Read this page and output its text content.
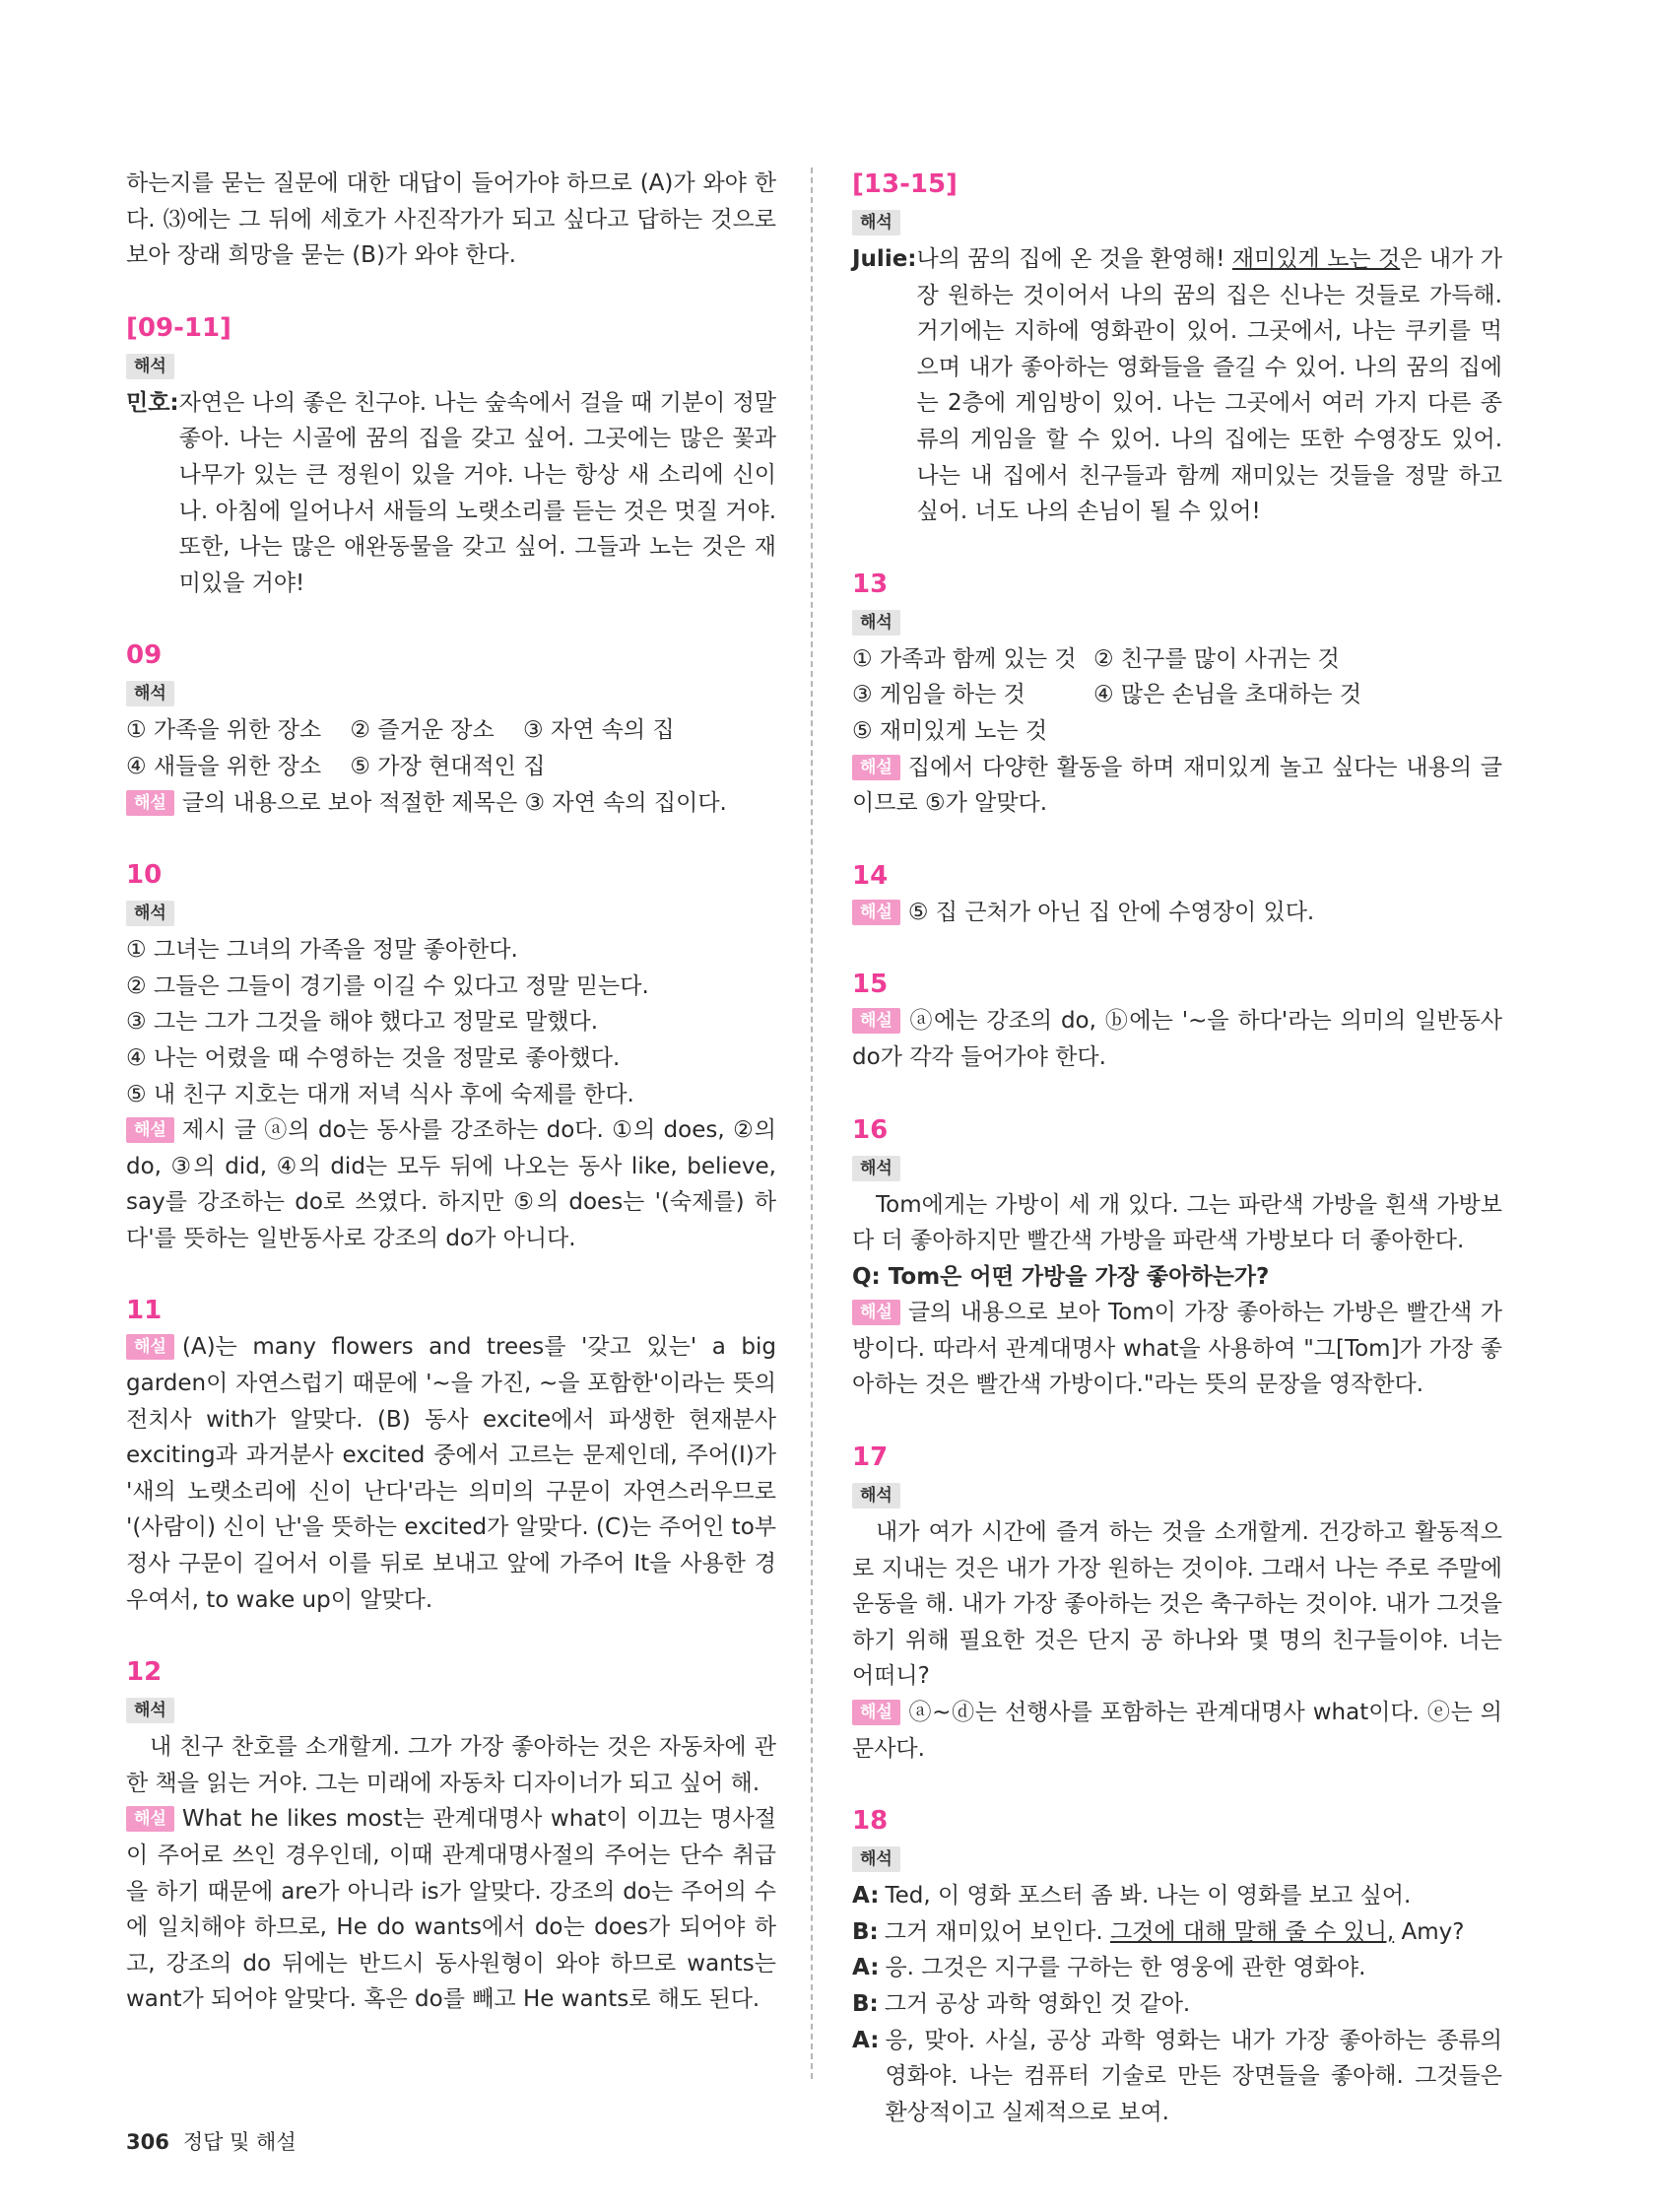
하는지를 묻는 질문에 대한 대답이 들어가야 하므로 (A)가 와야 한다. ⑶에는 그 뒤에 세호가 사진작가가 되고 싶다고 답하는 것으로 보아 장래 희망을 묻는 (B)가 와야 한다.

[09-11]

해석
민호: 자연은 나의 좋은 친구야. 나는 숲속에서 걸을 때 기분이 정말 좋아. 나는 시골에 꿈의 집을 갖고 싶어. 그곳에는 많은 꽃과 나무가 있는 큰 정원이 있을 거야. 나는 항상 새 소리에 신이 나. 아침에 일어나서 새들의 노랫소리를 듣는 것은 멋질 거야. 또한, 나는 많은 애완동물을 갖고 싶어. 그들과 노는 것은 재미있을 거야!

09

해석
① 가족을 위한 장소 ② 즐거운 장소 ③ 자연 속의 집
④ 새들을 위한 장소 ⑤ 가장 현대적인 집

해설 글의 내용으로 보아 적절한 제목은 ③ 자연 속의 집이다.

10

해석

① 그녀는 그녀의 가족을 정말 좋아한다.

② 그들은 그들이 경기를 이길 수 있다고 정말 믿는다.

③ 그는 그가 그것을 해야 했다고 정말로 말했다.

④ 나는 어렸을 때 수영하는 것을 정말로 좋아했다.

⑤ 내 친구 지호는 대개 저녁 식사 후에 숙제를 한다.

해설 제시 글 ⓐ의 do는 동사를 강조하는 do다. ①의 does, ②의 do, ③의 did, ④의 did는 모두 뒤에 나오는 동사 like, believe, say를 강조하는 do로 쓰였다. 하지만 ⑤의 does는 '(숙제를) 하다'를 뜻하는 일반동사로 강조의 do가 아니다.

11

해설 (A)는 many flowers and trees를 '갖고 있는' a big garden이 자연스럽기 때문에 '~을 가진, ~을 포함한'이라는 뜻의 전치사 with가 알맞다. (B) 동사 excite에서 파생한 현재분사 exciting과 과거분사 excited 중에서 고르는 문제인데, 주어(I)가 '새의 노랫소리에 신이 난다'라는 의미의 구문이 자연스러우므로 '(사람이) 신이 난'을 뜻하는 excited가 알맞다. (C)는 주어인 to부정사 구문이 길어서 이를 뒤로 보내고 앞에 가주어 It을 사용한 경우여서, to wake up이 알맞다.

12

해석

내 친구 찬호를 소개할게. 그가 가장 좋아하는 것은 자동차에 관한 책을 읽는 거야. 그는 미래에 자동차 디자이너가 되고 싶어 해.

해설 What he likes most는 관계대명사 what이 이끄는 명사절이 주어로 쓰인 경우인데, 이때 관계대명사절의 주어는 단수 취급을 하기 때문에 are가 아니라 is가 알맞다. 강조의 do는 주어의 수에 일치해야 하므로, He do wants에서 do는 does가 되어야 하고, 강조의 do 뒤에는 반드시 동사원형이 와야 하므로 wants는 want가 되어야 알맞다. 혹은 do를 빼고 He wants로 해도 된다.

[13-15]

해석
Julie: 나의 꿈의 집에 온 것을 환영해! 재미있게 노는 것은 내가 가장 원하는 것이어서 나의 꿈의 집은 신나는 것들로 가득해. 거기에는 지하에 영화관이 있어. 그곳에서, 나는 쿠키를 먹으며 내가 좋아하는 영화들을 즐길 수 있어. 나의 꿈의 집에는 2층에 게임방이 있어. 나는 그곳에서 여러 가지 다른 종류의 게임을 할 수 있어. 나의 집에는 또한 수영장도 있어. 나는 내 집에서 친구들과 함께 재미있는 것들을 정말 하고 싶어. 너도 나의 손님이 될 수 있어!

13

해석
① 가족과 함께 있는 것 ② 친구를 많이 사귀는 것
③ 게임을 하는 것	④ 많은 손님을 초대하는 것
⑤ 재미있게 노는 것

해설 집에서 다양한 활동을 하며 재미있게 놀고 싶다는 내용의 글이므로 ⑤가 알맞다.

14

해설 ⑤ 집 근처가 아닌 집 안에 수영장이 있다.

15

해설 ⓐ에는 강조의 do, ⓑ에는 '~을 하다'라는 의미의 일반동사 do가 각각 들어가야 한다.

16

해석

Tom에게는 가방이 세 개 있다. 그는 파란색 가방을 흰색 가방보다 더 좋아하지만 빨간색 가방을 파란색 가방보다 더 좋아한다.

Q: Tom은 어떤 가방을 가장 좋아하는가?

해설 글의 내용으로 보아 Tom이 가장 좋아하는 가방은 빨간색 가방이다. 따라서 관계대명사 what을 사용하여 "그[Tom]가 가장 좋아하는 것은 빨간색 가방이다."라는 뜻의 문장을 영작한다.

17

해석

내가 여가 시간에 즐겨 하는 것을 소개할게. 건강하고 활동적으로 지내는 것은 내가 가장 원하는 것이야. 그래서 나는 주로 주말에 운동을 해. 내가 가장 좋아하는 것은 축구하는 것이야. 내가 그것을 하기 위해 필요한 것은 단지 공 하나와 몇 명의 친구들이야. 너는 어떠니?

해설 ⓐ~ⓓ는 선행사를 포함하는 관계대명사 what이다. ⓔ는 의문사다.

18

해석
A: Ted, 이 영화 포스터 좀 봐. 나는 이 영화를 보고 싶어.
B: 그거 재미있어 보인다. 그것에 대해 말해 줄 수 있니, Amy?
A: 응. 그것은 지구를 구하는 한 영웅에 관한 영화야.
B: 그거 공상 과학 영화인 것 같아.
A: 응, 맞아. 사실, 공상 과학 영화는 내가 가장 좋아하는 종류의 영화야. 나는 컴퓨터 기술로 만든 장면들을 좋아해. 그것들은 환상적이고 실제적으로 보여.
306 정답 및 해설
